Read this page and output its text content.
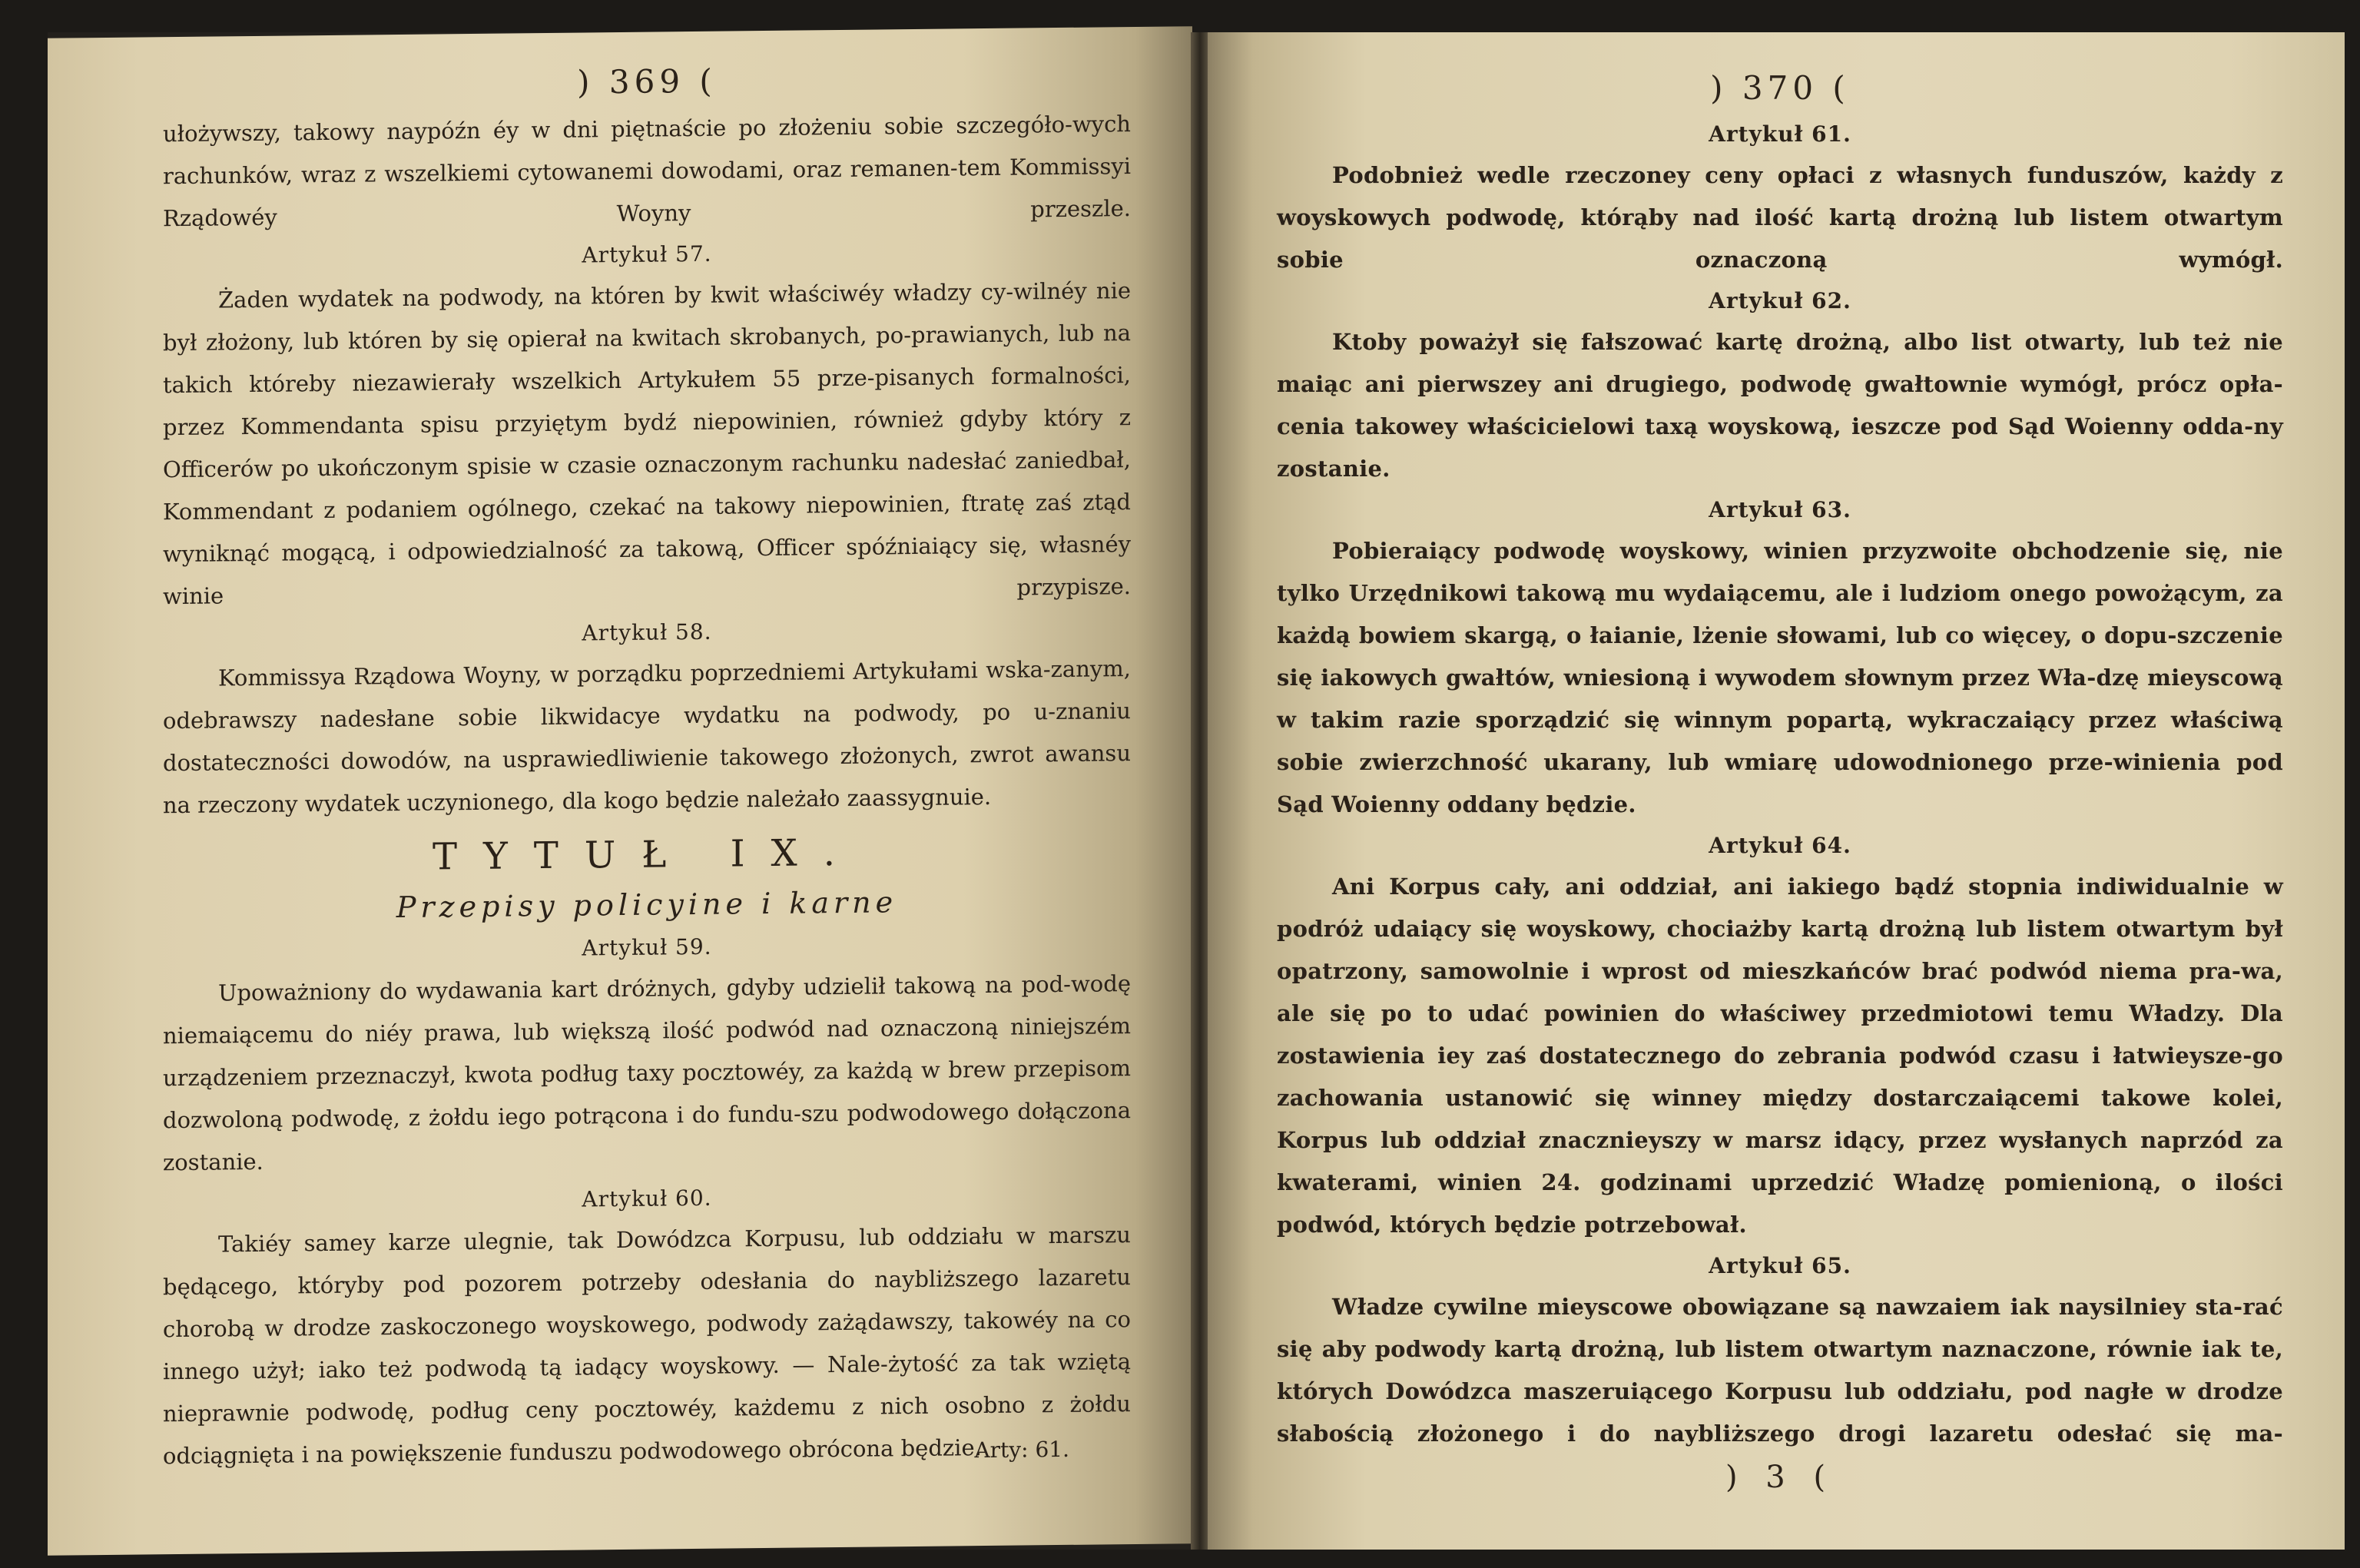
) 369 (
ułożywszy, takowy naypóźn éy w dni piętnaście po złożeniu sobie szczegóło-wych rachunków, wraz z wszelkiemi cytowanemi dowodami, oraz remanen-tem Kommissyi Rządowéy Woyny przeszle.
Artykuł 57.
Żaden wydatek na podwody, na któren by kwit właściwéy władzy cy-wilnéy nie był złożony, lub któren by się opierał na kwitach skrobanych, po-prawianych, lub na takich któreby niezawierały wszelkich Artykułem 55 prze-pisanych formalności, przez Kommendanta spisu przyiętym bydź niepowinien, również gdyby który z Officerów po ukończonym spisie w czasie oznaczonym rachunku nadesłać zaniedbał, Kommendant z podaniem ogólnego, czekać na takowy niepowinien, ftratę zaś ztąd wyniknąć mogącą, i odpowiedzialność za takową, Officer spóźniaiący się, własnéy winie przypisze.
Artykuł 58.
Kommissya Rządowa Woyny, w porządku poprzedniemi Artykułami wska-zanym, odebrawszy nadesłane sobie likwidacye wydatku na podwody, po u-znaniu dostateczności dowodów, na usprawiedliwienie takowego złożonych, zwrot awansu na rzeczony wydatek uczynionego, dla kogo będzie należało zaassygnuie.
TYTUŁ IX.
Przepisy policyine i karne
Artykuł 59.
Upoważniony do wydawania kart dróżnych, gdyby udzielił takową na pod-wodę niemaiącemu do niéy prawa, lub większą ilość podwód nad oznaczoną niniejszém urządzeniem przeznaczył, kwota podług taxy pocztowéy, za każdą w brew przepisom dozwoloną podwodę, z żołdu iego potrącona i do fundu-szu podwodowego dołączona zostanie.
Artykuł 60.
Takiéy samey karze ulegnie, tak Dowódzca Korpusu, lub oddziału w marszu będącego, któryby pod pozorem potrzeby odesłania do naybliższego lazaretu chorobą w drodze zaskoczonego woyskowego, podwody zażądawszy, takowéy na co innego użył; iako też podwodą tą iadący woyskowy. — Nale-żytość za tak wziętą nieprawnie podwodę, podług ceny pocztowéy, każdemu z nich osobno z żołdu odciągnięta i na powiększenie funduszu podwodowego obrócona będzie.
Arty: 61.
) 370 (
Artykuł 61.
Podobnież wedle rzeczoney ceny opłaci z własnych funduszów, każdy z woyskowych podwodę, którąby nad ilość kartą drożną lub listem otwartym sobie oznaczoną wymógł.
Artykuł 62.
Ktoby poważył się fałszować kartę drożną, albo list otwarty, lub też nie maiąc ani pierwszey ani drugiego, podwodę gwałtownie wymógł, prócz opła-cenia takowey właścicielowi taxą woyskową, ieszcze pod Sąd Woienny odda-ny zostanie.
Artykuł 63.
Pobieraiący podwodę woyskowy, winien przyzwoite obchodzenie się, nie tylko Urzędnikowi takową mu wydaiącemu, ale i ludziom onego powożącym, za każdą bowiem skargą, o łaianie, lżenie słowami, lub co więcey, o dopu-szczenie się iakowych gwałtów, wniesioną i wywodem słownym przez Wła-dzę mieyscową w takim razie sporządzić się winnym popartą, wykraczaiący przez właściwą sobie zwierzchność ukarany, lub wmiarę udowodnionego prze-winienia pod Sąd Woienny oddany będzie.
Artykuł 64.
Ani Korpus cały, ani oddział, ani iakiego bądź stopnia indiwidualnie w podróż udaiący się woyskowy, chociażby kartą drożną lub listem otwartym był opatrzony, samowolnie i wprost od mieszkańców brać podwód niema pra-wa, ale się po to udać powinien do właściwey przedmiotowi temu Władzy. Dla zostawienia iey zaś dostatecznego do zebrania podwód czasu i łatwieysze-go zachowania ustanowić się winney między dostarczaiącemi takowe kolei, Korpus lub oddział znacznieyszy w marsz idący, przez wysłanych naprzód za kwaterami, winien 24. godzinami uprzedzić Władzę pomienioną, o ilości podwód, których będzie potrzebował.
Artykuł 65.
Władze cywilne mieyscowe obowiązane są nawzaiem iak naysilniey sta-rać się aby podwody kartą drożną, lub listem otwartym naznaczone, równie iak te, których Dowódzca maszeruiącego Korpusu lub oddziału, pod nagłe w drodze słabością złożonego i do naybliższego drogi lazaretu odesłać się ma-
) 3 (
